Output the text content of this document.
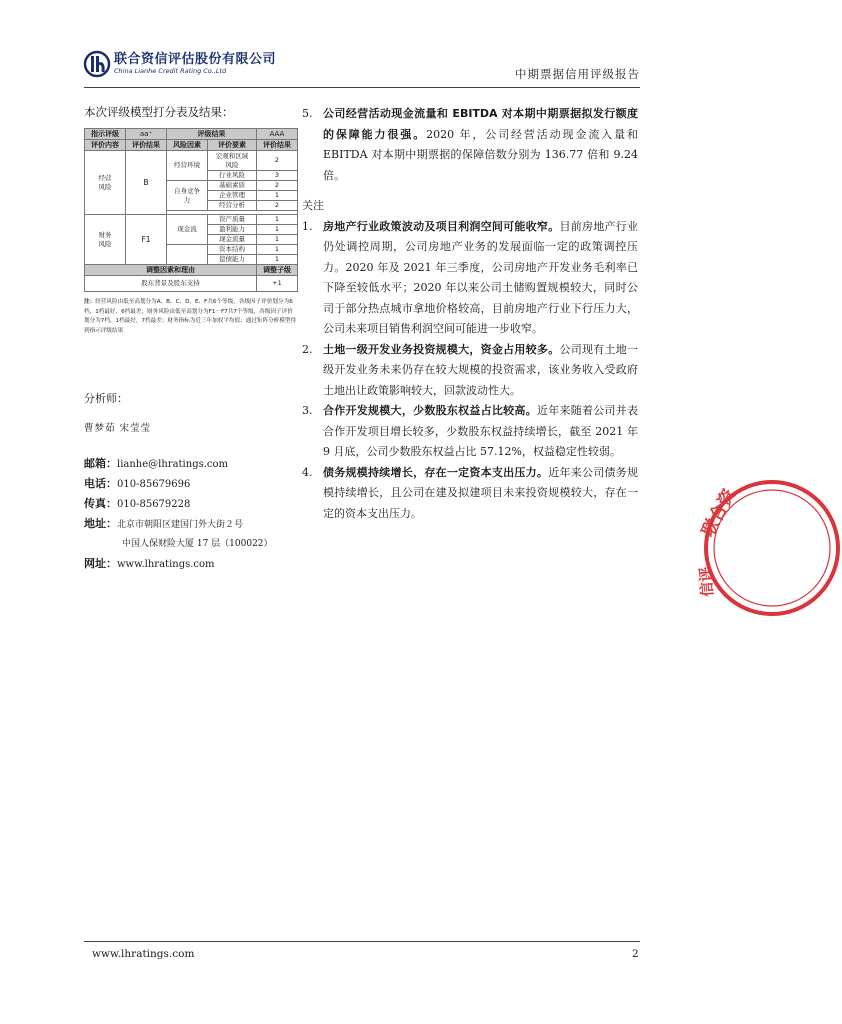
联合资信评估股份有限公司
China Lianhe Credit Rating Co.,Ltd	中期票据信用评级报告
本次评级模型打分表及结果：
指示评级	aa⁺	评级结果		AAA
评价内容	评价结果	风险因素	评价要素	评价结果
经营风险	B	经营环境	宏观和区域风险	2
			行业风险	3
		自身竞争力	基础素质	2
			企业管理	1
			经营分析	2

财务风险	F1	现金流	资产质量	1
			盈利能力	1
			现金流量	1
			资本结构	1
			偿债能力	1
调整因素和理由				调整子级
股东背景及股东支持				+1
注：经营风险由低至高划分为A、B、C、D、E、F共6个等级，各级因子评价划分为6档，1档最好，6档最差；财务风险由低至高划分为F1－F7共7个等级，各级因子评价划分为7档，1档最好，7档最差；财务指标为近三年加权平均值；通过矩阵分析模型得到指示评级结果
分析师：
曹梦茹 宋莹莹
邮箱：lianhe@lhratings.com
电话：010-85679696
传真：010-85679228
地址：北京市朝阳区建国门外大街２号
中国人保财险大厦 17 层（100022）
网址：www.lhratings.com
5. 公司经营活动现金流量和 EBITDA 对本期中期票据拟发行额度的保障能力很强。2020 年，公司经营活动现金流入量和 EBITDA 对本期中期票据的保障倍数分别为 136.77 倍和 9.24 倍。
关注
1. 房地产行业政策波动及项目利润空间可能收窄。目前房地产行业仍处调控周期，公司房地产业务的发展面临一定的政策调控压力。2020 年及 2021 年三季度，公司房地产开发业务毛利率已下降至较低水平；2020 年以来公司土储购置规模较大，同时公司于部分热点城市拿地价格较高，目前房地产行业下行压力大，公司未来项目销售利润空间可能进一步收窄。
2. 土地一级开发业务投资规模大，资金占用较多。公司现有土地一级开发业务未来仍存在较大规模的投资需求，该业务收入受政府土地出让政策影响较大，回款波动性大。
3. 合作开发规模大，少数股东权益占比较高。近年来随着公司并表合作开发项目增长较多，少数股东权益持续增长，截至 2021 年 9 月底，公司少数股东权益占比 57.12%，权益稳定性较弱。
4. 债务规模持续增长，存在一定资本支出压力。近年来公司债务规模持续增长，且公司在建及拟建项目未来投资规模较大，存在一定的资本支出压力。	联合资
信评
www.lhratings.com	2
